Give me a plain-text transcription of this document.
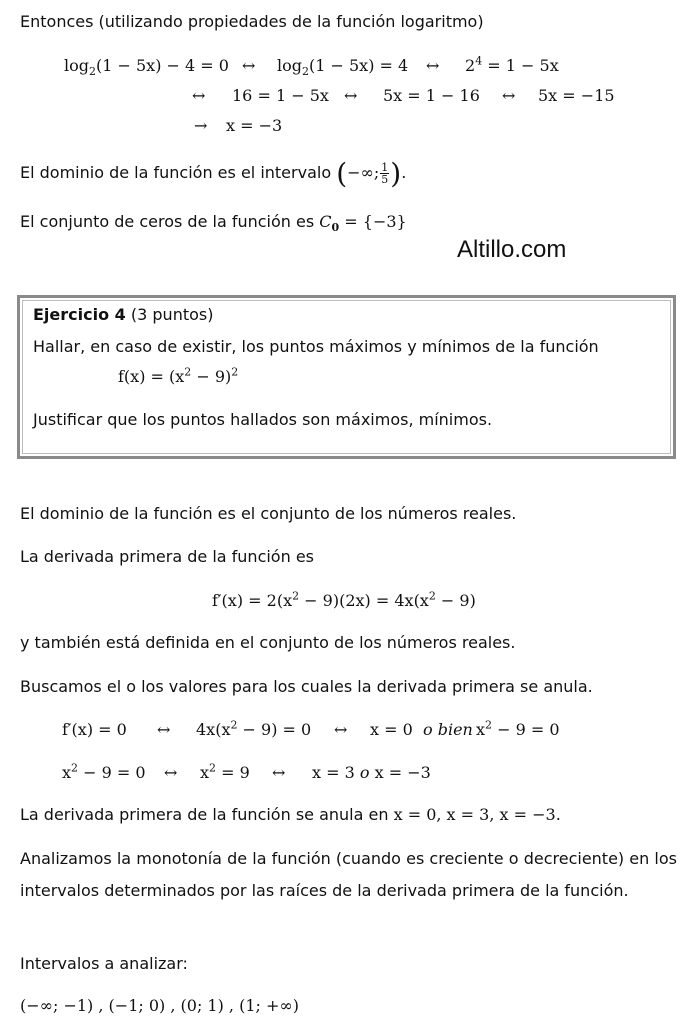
Entonces (utilizando propiedades de la función logaritmo)
$\log_2(1 - 5x) - 4 = 0$ ↔ $\log_2(1 - 5x) = 4$ ↔ $2^4 = 1 - 5x$
↔ 16 = 1 − 5x ↔ 5x = 1 − 16 ↔ 5x = −15
→ x = −3
El dominio de la función es el intervalo (−∞; $\frac{1}{5}$ ).
El conjunto de ceros de la función es $C_0 = \{-3\}$
Altillo.com
Ejercicio 4 (3 puntos)
Hallar, en caso de existir, los puntos máximos y mínimos de la función
$f(x) = (x^2 - 9)^2$
Justificar que los puntos hallados son máximos, mínimos.
El dominio de la función es el conjunto de los números reales.
La derivada primera de la función es
$f'(x) = 2(x^2 - 9)(2x) = 4x(x^2 - 9)$
y también está definida en el conjunto de los números reales.
Buscamos el o los valores para los cuales la derivada primera se anula.
f′(x) = 0 ↔ $4x(x^2 - 9) = 0$ ↔ x = 0 o bien $x^2 - 9 = 0$
$x^2 - 9 = 0$ ↔ $x^2 = 9$ ↔ x = 3 o x = −3
La derivada primera de la función se anula en x = 0, x = 3, x = −3.
Analizamos la monotonía de la función (cuando es creciente o decreciente) en los intervalos determinados por las raíces de la derivada primera de la función.
Intervalos a analizar:
(−∞; −1) , (−1; 0) , (0; 1) , (1; +∞)
